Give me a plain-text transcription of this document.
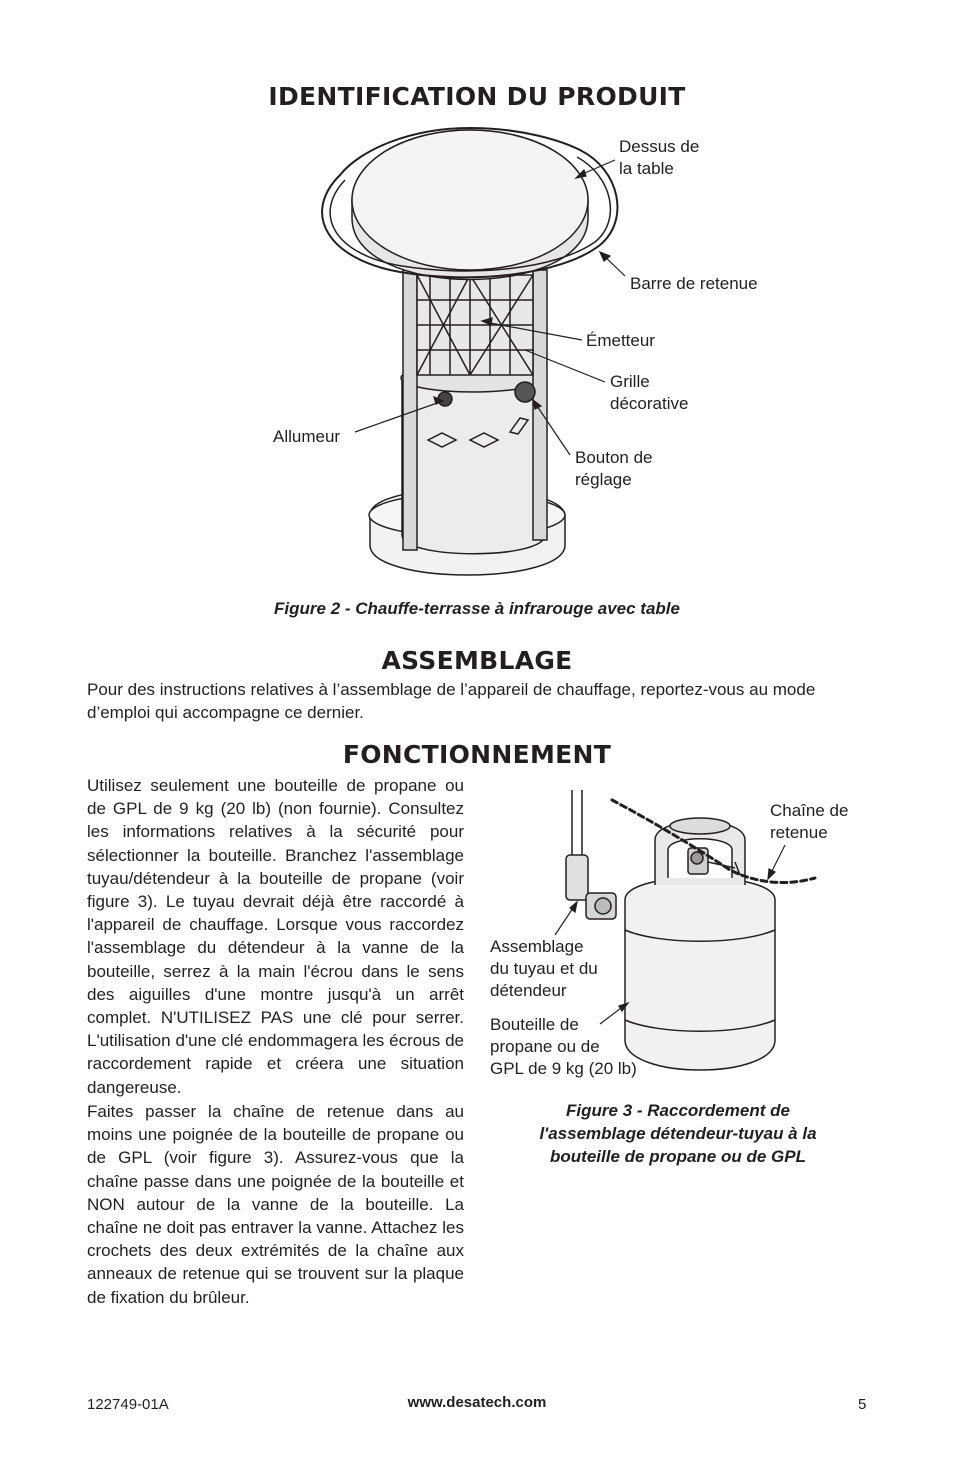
IDENTIFICATION DU PRODUIT
Dessus de
la table
Barre de retenue
Émetteur
Grille
décorative
Allumeur
Bouton de
réglage
Figure 2 - Chauffe-terrasse à infrarouge avec table
ASSEMBLAGE

Pour des instructions relatives à l’assemblage de l’appareil de chauffage, reportez-vous au mode d’emploi qui accompagne ce dernier.

FONCTIONNEMENT

Utilisez seulement une bouteille de propane ou de GPL de 9 kg (20 lb) (non fournie). Consultez les informations relatives à la sécurité pour sélectionner la bouteille. Branchez l'assemblage tuyau/détendeur à la bouteille de propane (voir figure 3). Le tuyau devrait déjà être raccordé à l'appareil de chauffage. Lorsque vous raccordez l'assemblage du détendeur à la vanne de la bouteille, serrez à la main l'écrou dans le sens des aiguilles d'une montre jusqu'à un arrêt complet. N'UTILISEZ PAS une clé pour serrer. L'utilisation d'une clé endommagera les écrous de raccordement rapide et créera une situation dangereuse.

Faites passer la chaîne de retenue dans au moins une poignée de la bouteille de propane ou de GPL (voir figure 3). Assurez-vous que la chaîne passe dans une poignée de la bouteille et NON autour de la vanne de la bouteille. La chaîne ne doit pas entraver la vanne. Attachez les crochets des deux extrémités de la chaîne aux anneaux de retenue qui se trouvent sur la plaque de fixation du brûleur.

Chaîne de
retenue
Assemblage
du tuyau et du
détendeur
Bouteille de
propane ou de
GPL de 9 kg (20 lb)
Figure 3 - Raccordement de
l'assemblage détendeur-tuyau à la
bouteille de propane ou de GPL
122749-01A	www.desatech.com	5
